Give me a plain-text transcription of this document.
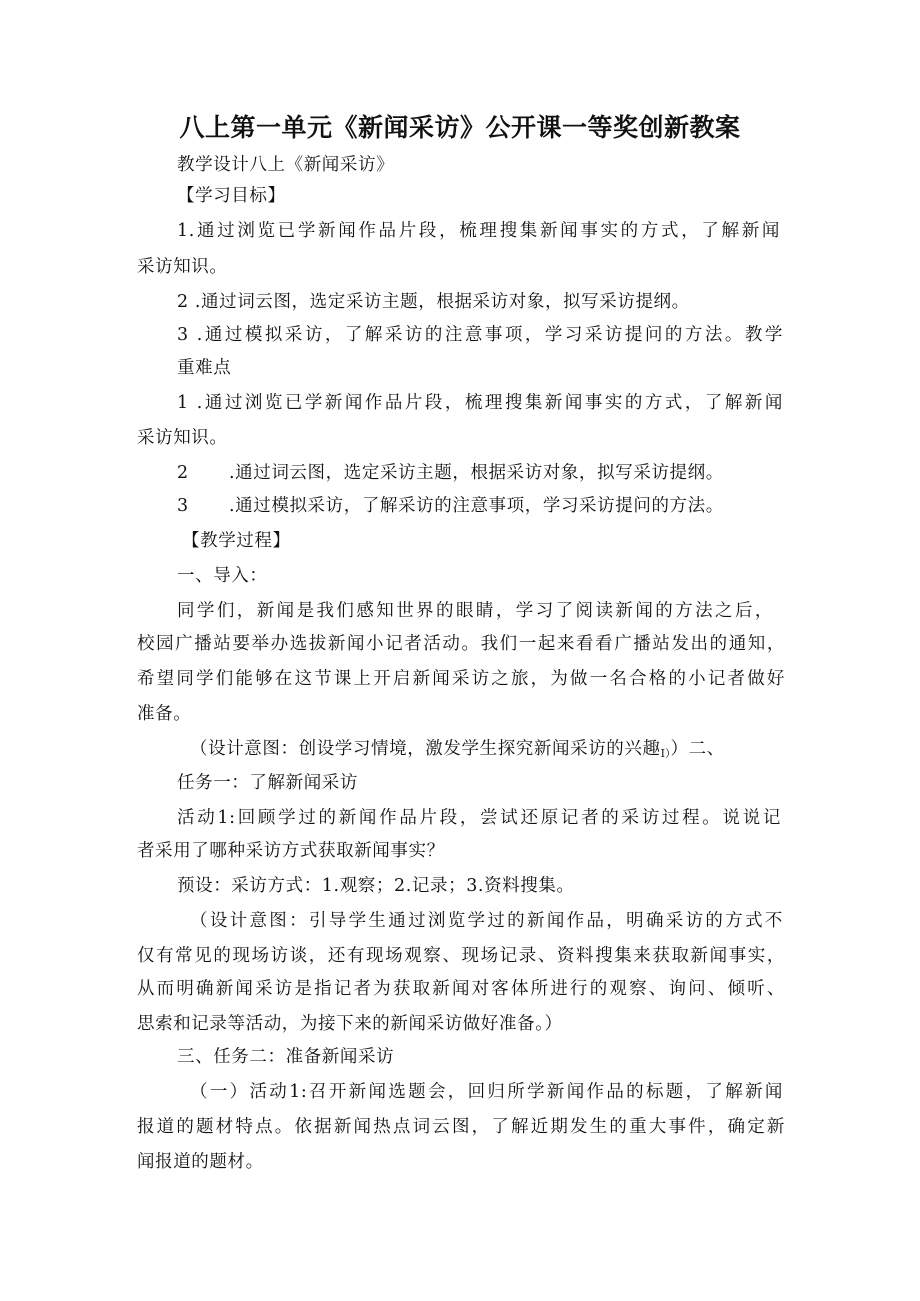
八上第一单元《新闻采访》公开课一等奖创新教案
教学设计八上《新闻采访》
【学习目标】
1.通过浏览已学新闻作品片段，梳理搜集新闻事实的方式，了解新闻
采访知识。
2 .通过词云图，选定采访主题，根据采访对象，拟写采访提纲。
3 .通过模拟采访，了解采访的注意事项，学习采访提问的方法。教学
重难点
1 .通过浏览已学新闻作品片段，梳理搜集新闻事实的方式，了解新闻
采访知识。
2 .通过词云图，选定采访主题，根据采访对象，拟写采访提纲。
3 .通过模拟采访，了解采访的注意事项，学习采访提问的方法。
【教学过程】
一、导入：
同学们，新闻是我们感知世界的眼睛，学习了阅读新闻的方法之后，
校园广播站要举办选拔新闻小记者活动。我们一起来看看广播站发出的通知，
希望同学们能够在这节课上开启新闻采访之旅，为做一名合格的小记者做好
准备。
（设计意图：创设学习情境，激发学生探究新闻采访的兴趣$_{I)}$）二、
任务一：了解新闻采访
活动1:回顾学过的新闻作品片段，尝试还原记者的采访过程。说说记
者采用了哪种采访方式获取新闻事实？
预设：采访方式：1.观察；2.记录；3.资料搜集。
（设计意图：引导学生通过浏览学过的新闻作品，明确采访的方式不
仅有常见的现场访谈，还有现场观察、现场记录、资料搜集来获取新闻事实，
从而明确新闻采访是指记者为获取新闻对客体所进行的观察、询问、倾听、
思索和记录等活动，为接下来的新闻采访做好准备。）
三、任务二：准备新闻采访
（一）活动1:召开新闻选题会，回归所学新闻作品的标题，了解新闻
报道的题材特点。依据新闻热点词云图，了解近期发生的重大事件，确定新
闻报道的题材。
